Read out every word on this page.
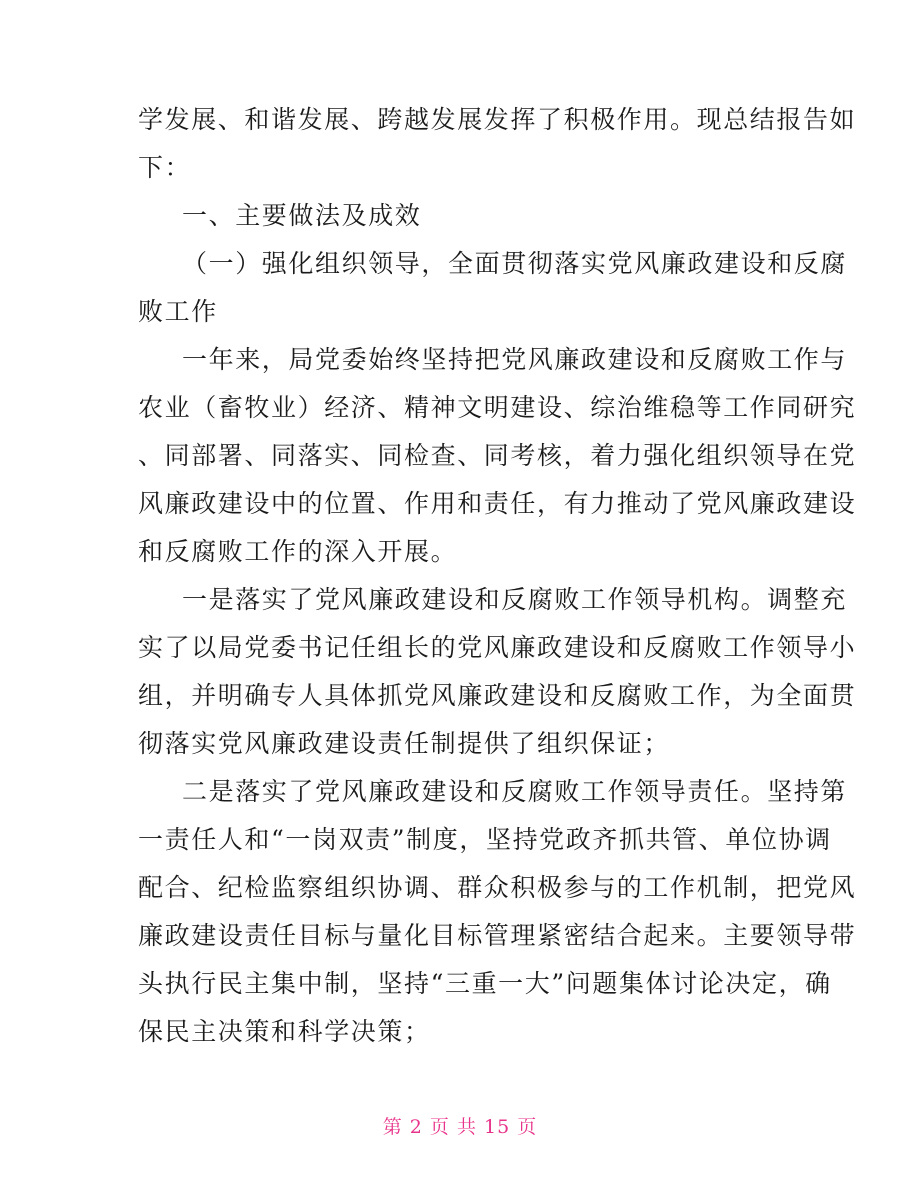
学发展、和谐发展、跨越发展发挥了积极作用。现总结报告如
下：
一、主要做法及成效
（一）强化组织领导，全面贯彻落实党风廉政建设和反腐
败工作
一年来，局党委始终坚持把党风廉政建设和反腐败工作与
农业（畜牧业）经济、精神文明建设、综治维稳等工作同研究
、同部署、同落实、同检查、同考核，着力强化组织领导在党
风廉政建设中的位置、作用和责任，有力推动了党风廉政建设
和反腐败工作的深入开展。
一是落实了党风廉政建设和反腐败工作领导机构。调整充
实了以局党委书记任组长的党风廉政建设和反腐败工作领导小
组，并明确专人具体抓党风廉政建设和反腐败工作，为全面贯
彻落实党风廉政建设责任制提供了组织保证；
二是落实了党风廉政建设和反腐败工作领导责任。坚持第
一责任人和“一岗双责”制度，坚持党政齐抓共管、单位协调
配合、纪检监察组织协调、群众积极参与的工作机制，把党风
廉政建设责任目标与量化目标管理紧密结合起来。主要领导带
头执行民主集中制，坚持“三重一大”问题集体讨论决定，确
保民主决策和科学决策；
第 2 页 共 15 页
